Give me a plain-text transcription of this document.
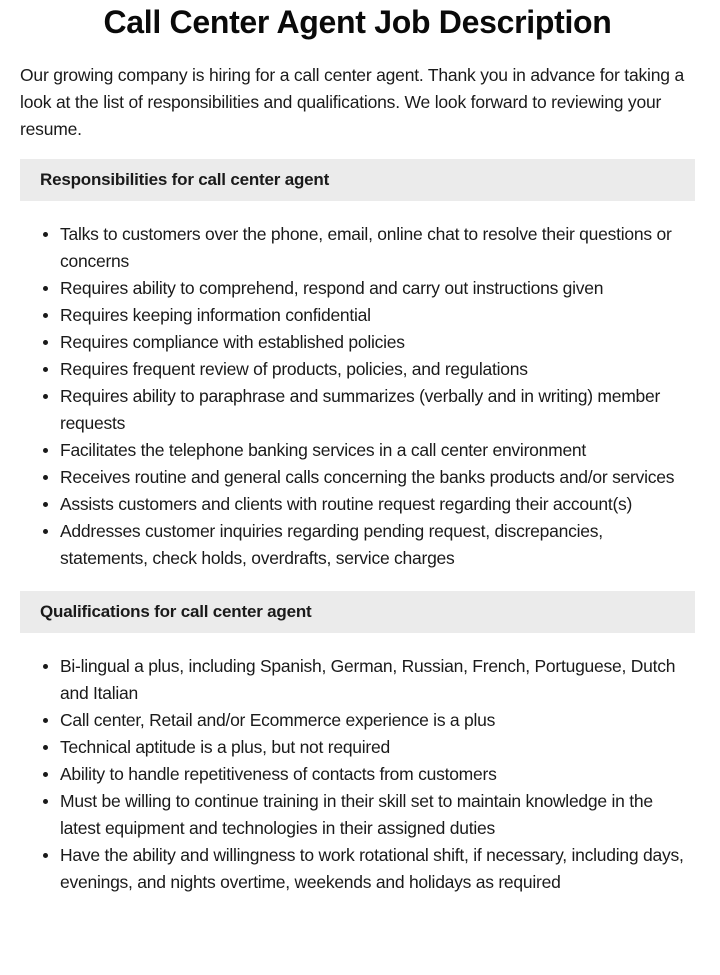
Call Center Agent Job Description

Our growing company is hiring for a call center agent. Thank you in advance for taking a look at the list of responsibilities and qualifications. We look forward to reviewing your resume.

Responsibilities for call center agent
Talks to customers over the phone, email, online chat to resolve their questions or concerns
Requires ability to comprehend, respond and carry out instructions given
Requires keeping information confidential
Requires compliance with established policies
Requires frequent review of products, policies, and regulations
Requires ability to paraphrase and summarizes (verbally and in writing) member requests
Facilitates the telephone banking services in a call center environment
Receives routine and general calls concerning the banks products and/or services
Assists customers and clients with routine request regarding their account(s)
Addresses customer inquiries regarding pending request, discrepancies, statements, check holds, overdrafts, service charges
Qualifications for call center agent
Bi-lingual a plus, including Spanish, German, Russian, French, Portuguese, Dutch and Italian
Call center, Retail and/or Ecommerce experience is a plus
Technical aptitude is a plus, but not required
Ability to handle repetitiveness of contacts from customers
Must be willing to continue training in their skill set to maintain knowledge in the latest equipment and technologies in their assigned duties
Have the ability and willingness to work rotational shift, if necessary, including days, evenings, and nights overtime, weekends and holidays as required
